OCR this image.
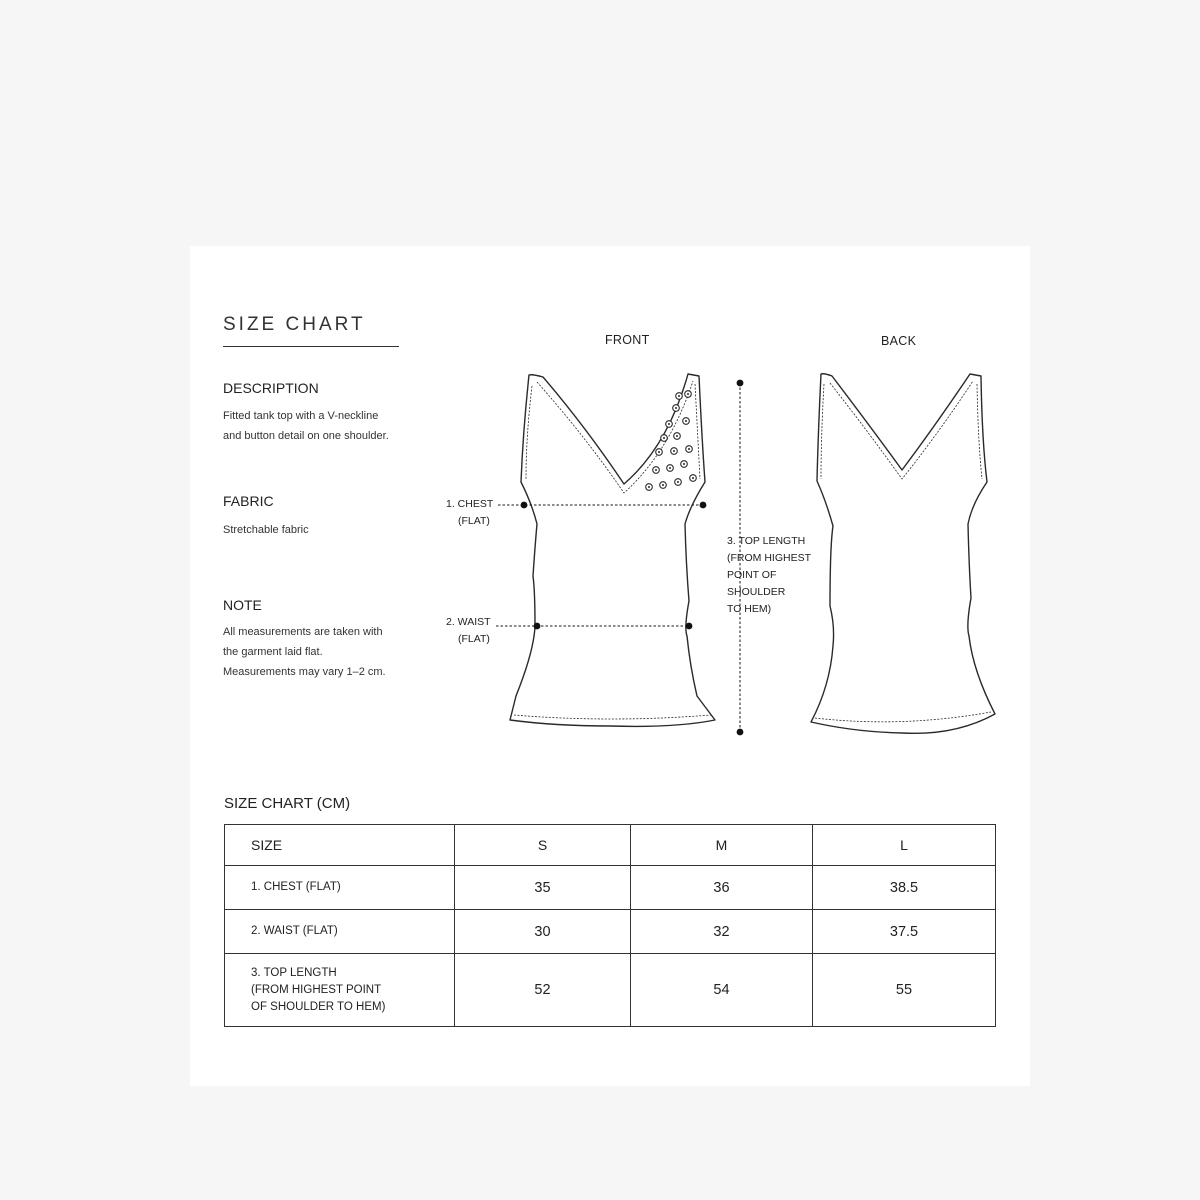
SIZE CHART
DESCRIPTION
Fitted tank top with a V-neckline
and button detail on one shoulder.
FABRIC
Stretchable fabric
NOTE
All measurements are taken with
the garment laid flat.
Measurements may vary 1–2 cm.
FRONT	BACK
1. CHEST
(FLAT)
2. WAIST
(FLAT)
3. TOP LENGTH
(FROM HIGHEST
POINT OF
SHOULDER
TO HEM)
SIZE CHART (CM)
SIZE	S	M	L

1. CHEST (FLAT)	35	36	38.5

2. WAIST (FLAT)	30	32	37.5

3. TOP LENGTH
(FROM HIGHEST POINT
OF SHOULDER TO HEM)	52	54	55
